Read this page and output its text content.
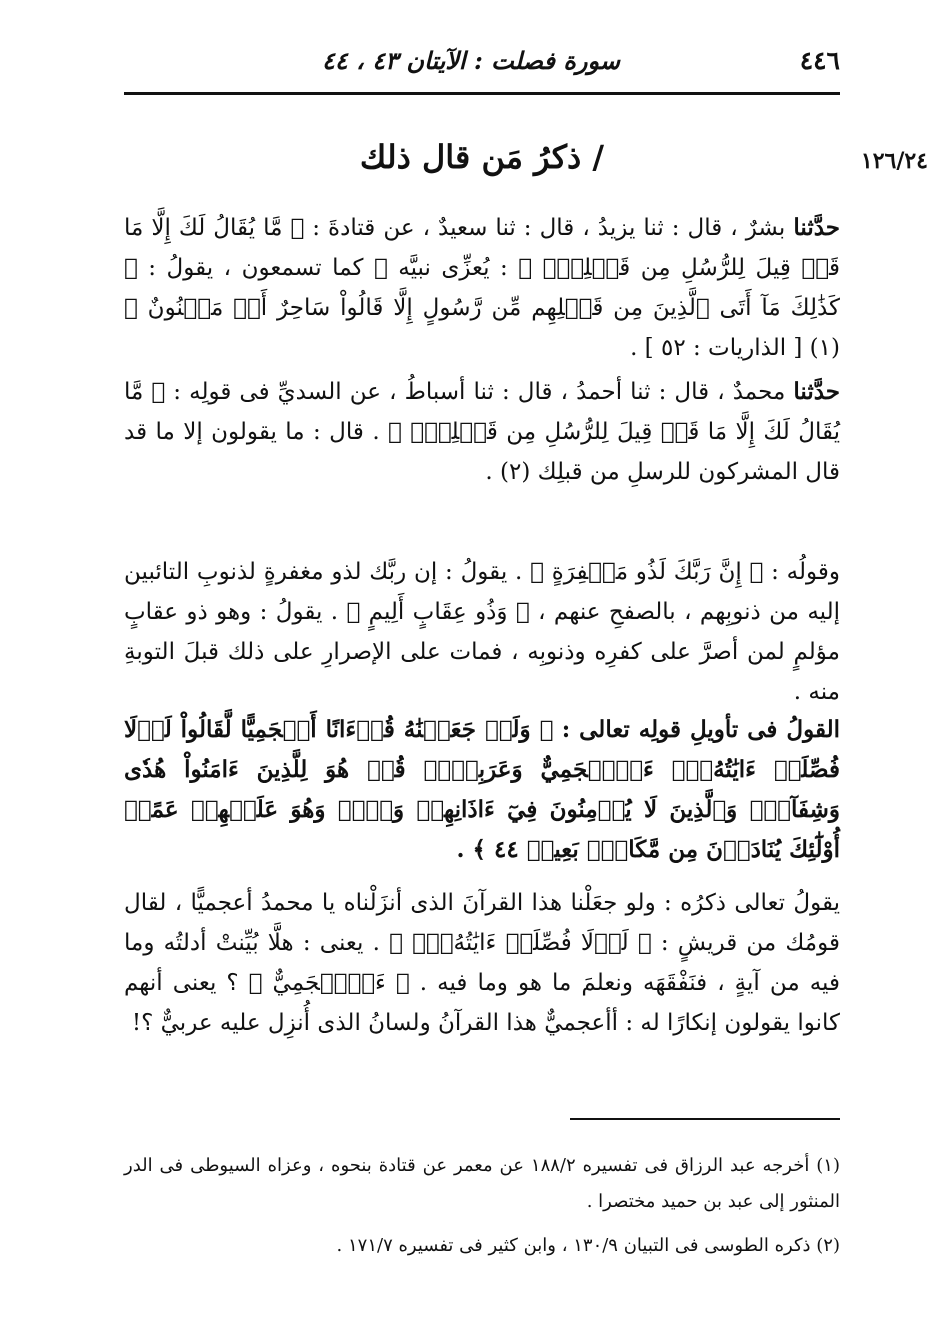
٤٤٦
سورة فصلت : الآيتان ٤٣ ، ٤٤
١٢٦/٢٤
/ ذكرُ مَن قال ذلك
حدَّثنا بشرٌ ، قال : ثنا يزيدُ ، قال : ثنا سعيدٌ ، عن قتادةَ : ﴿ مَّا يُقَالُ لَكَ إِلَّا مَا قَدۡ قِيلَ لِلرُّسُلِ مِن قَبۡلِكَۚ ﴾ : يُعزِّى نبيَّه ﷺ كما تسمعون ، يقولُ : ﴿ كَذَٰلِكَ مَآ أَتَى ٱلَّذِينَ مِن قَبۡلِهِم مِّن رَّسُولٍ إِلَّا قَالُواْ سَاحِرٌ أَوۡ مَجۡنُونٌ ﴾ (١) [ الذاريات : ٥٢ ] .
حدَّثنا محمدٌ ، قال : ثنا أحمدُ ، قال : ثنا أسباطُ ، عن السديِّ فى قولِه : ﴿ مَّا يُقَالُ لَكَ إِلَّا مَا قَدۡ قِيلَ لِلرُّسُلِ مِن قَبۡلِكَۚ ﴾ . قال : ما يقولون إلا ما قد قال المشركون للرسلِ من قبلِك (٢) .
وقولُه : ﴿ إِنَّ رَبَّكَ لَذُو مَغۡفِرَةٍ ﴾ . يقولُ : إن ربَّك لذو مغفرةٍ لذنوبِ التائبين إليه من ذنوبِهم ، بالصفحِ عنهم ، ﴿ وَذُو عِقَابٍ أَلِيمٍ ﴾ . يقولُ : وهو ذو عقابٍ مؤلمٍ لمن أصرَّ على كفرِه وذنوبِه ، فمات على الإصرارِ على ذلك قبلَ التوبةِ منه .
القولُ فى تأويلِ قولِه تعالى : ﴿ وَلَوۡ جَعَلۡنَٰهُ قُرۡءَانًا أَعۡجَمِيًّا لَّقَالُواْ لَوۡلَا فُصِّلَتۡ ءَايَٰتُهُۥٓۖ ءَا۬عۡجَمِيٌّ وَعَرَبِيٌّۗ قُلۡ هُوَ لِلَّذِينَ ءَامَنُواْ هُدٗى وَشِفَآءٞۚ وَٱلَّذِينَ لَا يُؤۡمِنُونَ فِيٓ ءَاذَانِهِمۡ وَقۡرٞ وَهُوَ عَلَيۡهِمۡ عَمًىۚ أُوْلَٰٓئِكَ يُنَادَوۡنَ مِن مَّكَانِۭ بَعِيدٖ ٤٤ ﴾ .
يقولُ تعالى ذكرُه : ولو جعَلْنا هذا القرآنَ الذى أنزَلْناه يا محمدُ أعجميًّا ، لقال قومُك من قريشٍ : ﴿ لَوۡلَا فُصِّلَتۡ ءَايَٰتُهُۥٓۖ ﴾ . يعنى : هلَّا بُيِّنتْ أدلتُه وما فيه من آيةٍ ، فنَفْقَهَه ونعلمَ ما هو وما فيه . ﴿ ءَا۬عۡجَمِيٌّ ﴾ ؟ يعنى أنهم كانوا يقولون إنكارًا له : أأعجميٌّ هذا القرآنُ ولسانُ الذى أُنزِل عليه عربيٌّ ؟!
(١) أخرجه عبد الرزاق فى تفسيره ١٨٨/٢ عن معمر عن قتادة بنحوه ، وعزاه السيوطى فى الدر المنثور إلى عبد بن حميد مختصرا .
(٢) ذكره الطوسى فى التبيان ١٣٠/٩ ، وابن كثير فى تفسيره ١٧١/٧ .
